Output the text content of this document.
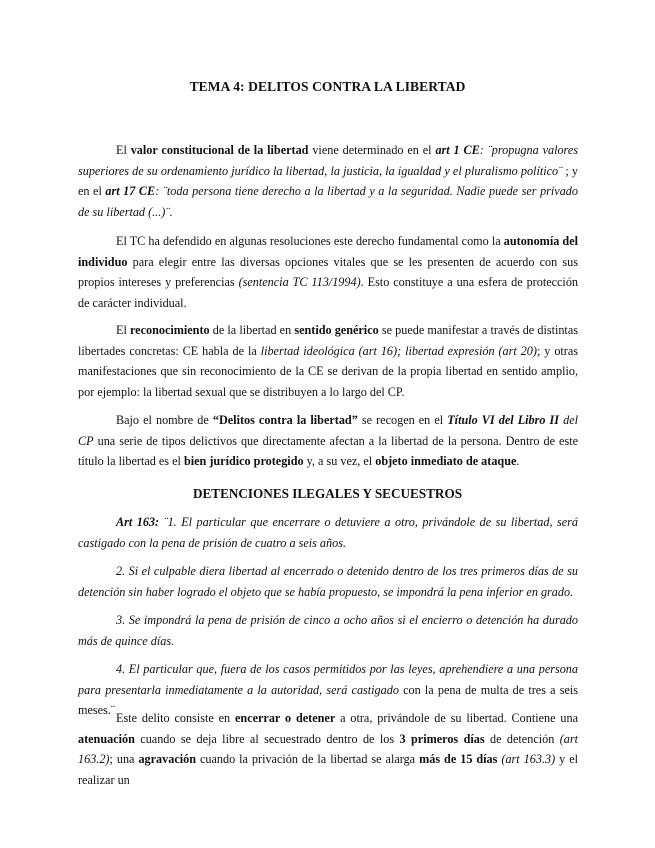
TEMA 4: DELITOS CONTRA LA LIBERTAD

El valor constitucional de la libertad viene determinado en el art 1 CE: ¨propugna valores superiores de su ordenamiento jurídico la libertad, la justicia, la igualdad y el pluralismo político¨ ; y en el art 17 CE: ¨toda persona tiene derecho a la libertad y a la seguridad. Nadie puede ser privado de su libertad (...)¨.

El TC ha defendido en algunas resoluciones este derecho fundamental como la autonomía del individuo para elegir entre las diversas opciones vitales que se les presenten de acuerdo con sus propios intereses y preferencias (sentencia TC 113/1994). Esto constituye a una esfera de protección de carácter individual.

El reconocimiento de la libertad en sentido genérico se puede manifestar a través de distintas libertades concretas: CE habla de la libertad ideológica (art 16); libertad expresión (art 20); y otras manifestaciones que sin reconocimiento de la CE se derivan de la propia libertad en sentido amplio, por ejemplo: la libertad sexual que se distribuyen a lo largo del CP.

Bajo el nombre de “Delitos contra la libertad” se recogen en el Título VI del Libro II del CP una serie de tipos delictivos que directamente afectan a la libertad de la persona. Dentro de este título la libertad es el bien jurídico protegido y, a su vez, el objeto inmediato de ataque.

DETENCIONES ILEGALES Y SECUESTROS

Art 163: ¨1. El particular que encerrare o detuviere a otro, privándole de su libertad, será castigado con la pena de prisión de cuatro a seis años.

2. Si el culpable diera libertad al encerrado o detenido dentro de los tres primeros días de su detención sin haber logrado el objeto que se había propuesto, se impondrá la pena inferior en grado.

3. Se impondrá la pena de prisión de cinco a ocho años si el encierro o detención ha durado más de quince días.

4. El particular que, fuera de los casos permitidos por las leyes, aprehendiere a una persona para presentarla inmediatamente a la autoridad, será castigado con la pena de multa de tres a seis meses.¨

Este delito consiste en encerrar o detener a otra, privándole de su libertad. Contiene una atenuación cuando se deja libre al secuestrado dentro de los 3 primeros días de detención (art 163.2); una agravación cuando la privación de la libertad se alarga más de 15 días (art 163.3) y el realizar un
